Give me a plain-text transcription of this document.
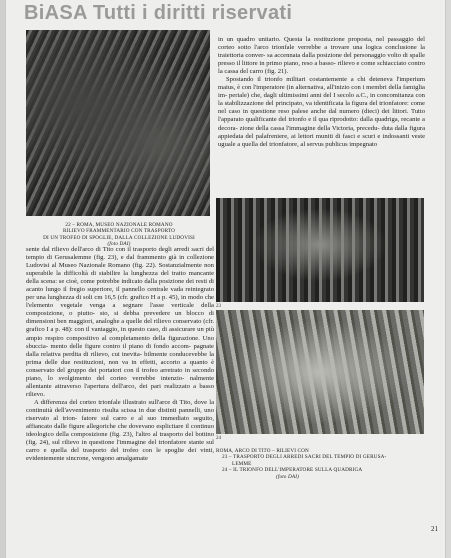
BiASA Tutti i diritti riservati
22 – ROMA, MUSEO NAZIONALE ROMANO
RILIEVO FRAMMENTARIO CON TRASPORTO
DI UN TROFEO DI SPOGLIE, DALLA COLLEZIONE LUDOVISI
(foto DAI)

in un quadro unitario. Questa la restituzione proposta, nel passaggio del corteo sotto l'arco trionfale verrebbe a trovare una logica conclusione la traiettoria conver- sa accennata dalla posizione del personaggio volto di spalle presso il littore in primo piano, reso a basso- rilievo e come schiacciato contro la cassa del carro (fig. 21).

Spostando il trionfo militari costantemente a chi deteneva l'imperium maius, è con l'imperatore (in alternativa, all'inizio con i membri della famiglia im- periale) che, dagli ultimissimi anni del I secolo a.C., in concomitanza con la stabilizzazione del principato, va identificata la figura del trionfatore: come nel caso in questione reso palese anche dal numero (dieci) dei littori. Tutto l'apparato qualificante del trionfo e il qua riprodotto: dalla quadriga, recante a decora- zione della cassa l'immagine della Victoria, precedu- duta dalla figura appiedata del palafreniere, ai lettori muniti di fasci e scuri e indossanti veste uguale a quella del trionfatore, al servus publicus impegnato

sente dal rilievo dell'arco di Tito con il trasporto degli arredi sacri del tempio di Gerusalemme (fig. 23), e dal frammento già in collezione Ludovisi al Museo Nazionale Romano (fig. 22). Sostanzialmente non superabile la difficoltà di stabilire la lunghezza del tratto mancante della scena: se cioè, come potrebbe indicato dalla posizione dei resti di acanto lungo il fregio superiore, il pannello centrale vada reintegrato per una lunghezza di soli cm 16,5 (cfr. grafico H a p. 45), in modo che l'elemento vegetale venga a segnare l'asse verticale della composizione, o piutto- sto, si debba prevedere un blocco di dimensioni ben maggiori, analoghe a quelle del rilievo conservato (cfr. grafico I a p. 48): con il vantaggio, in questo caso, di assicurare un più ampio respiro compositivo al completamento della figurazione. Uno sbuccia- mento delle figure contro il piano di fondo accom- pagnate dalla relativa perdita di rilievo, cui inevita- bilmente conducevebbe la prima delle due restituzioni, non va in effetti, accorto a quanto è conservato del gruppo dei portatori con il trofeo arretrato in secondo piano, lo svolgimento del corteo verrebbe intenzio- nalmente allentante attraverso l'apertura dell'arco, dei pari realizzato a basso rilievo.

A differenza del corteo trionfale illustrato sull'arce di Tito, dove la continuità dell'avvenimento risulta scissa in due distinti pannelli, uno riservato al trion- fatore sul carro e al suo immediato seguito, affiancato dalle figure allegoriche che dovevano esplicitare il continuo ideologico della composizione (fig. 23), l'altro al trasporto del bottino (fig. 24), sul rilievo in questione l'immagine del trionfatore stante sul carro e quella del trasporto del trofeo con le spoglie dei vinti, evidentemente sincrone, vengono amalgamate

23
24
ROMA, ARCO DI TITO – RILIEVI CON
23 – TRASPORTO DEGLI ARREDI SACRI DEL TEMPIO DI GERUSA-
LEMME
24 – IL TRIONFO DELL'IMPERATORE SULLA QUADRIGA
(foto DAI)
21
